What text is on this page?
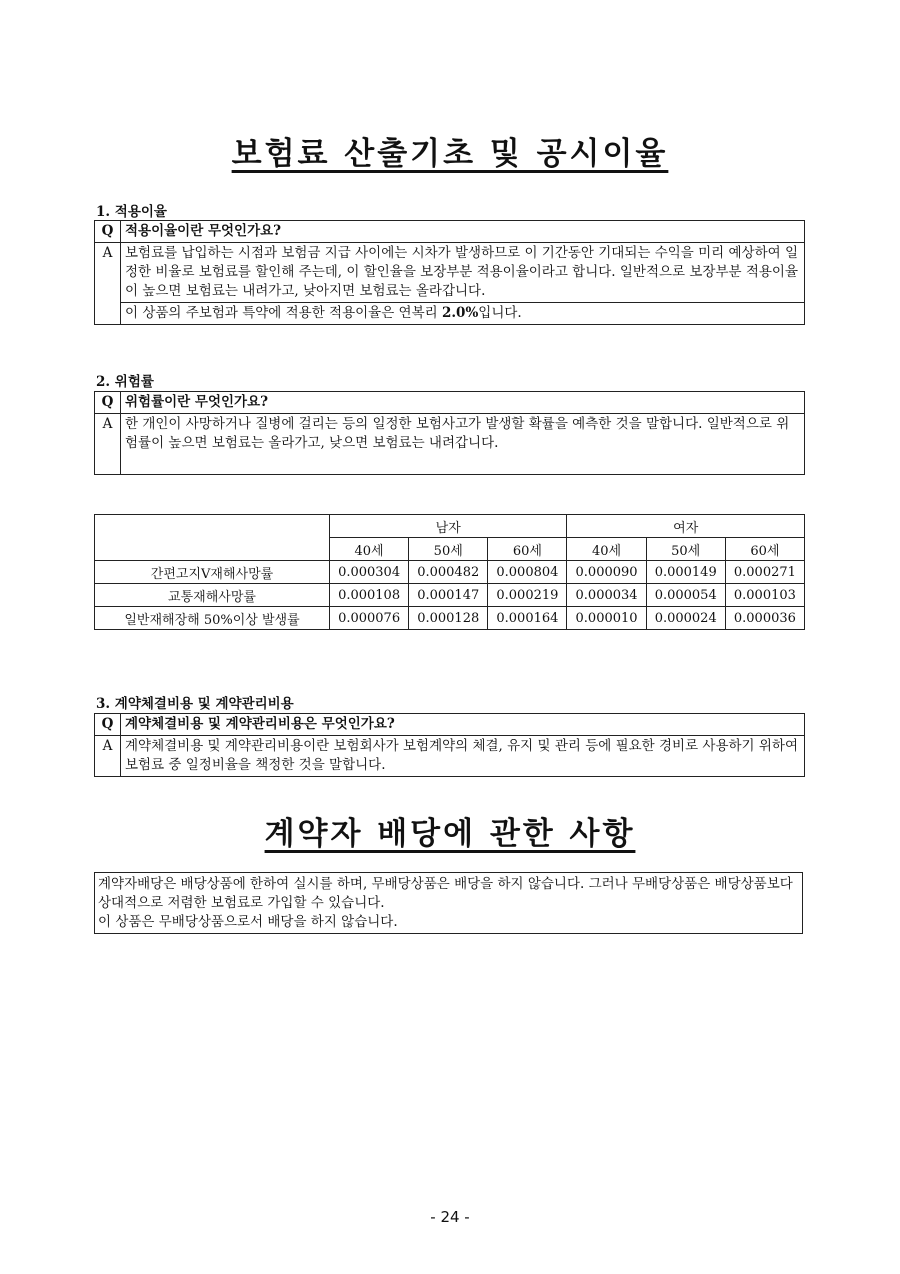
보험료 산출기초 및 공시이율
1. 적용이율
Q	적용이율이란 무엇인가요?
A	보험료를 납입하는 시점과 보험금 지급 사이에는 시차가 발생하므로 이 기간동안 기대되는 수익을 미리 예상하여 일정한 비율로 보험료를 할인해 주는데, 이 할인율을 보장부분 적용이율이라고 합니다. 일반적으로 보장부분 적용이율이 높으면 보험료는 내려가고, 낮아지면 보험료는 올라갑니다.
	이 상품의 주보험과 특약에 적용한 적용이율은 연복리 2.0%입니다.
2. 위험률
Q	위험률이란 무엇인가요?
A	한 개인이 사망하거나 질병에 걸리는 등의 일정한 보험사고가 발생할 확률을 예측한 것을 말합니다. 일반적으로 위험률이 높으면 보험료는 올라가고, 낮으면 보험료는 내려갑니다.
	남자			여자		
	40세	50세	60세	40세	50세	60세
간편고지Ⅴ재해사망률	0.000304	0.000482	0.000804	0.000090	0.000149	0.000271
교통재해사망률	0.000108	0.000147	0.000219	0.000034	0.000054	0.000103
일반재해장해 50%이상 발생률	0.000076	0.000128	0.000164	0.000010	0.000024	0.000036
3. 계약체결비용 및 계약관리비용
Q	계약체결비용 및 계약관리비용은 무엇인가요?
A	계약체결비용 및 계약관리비용이란 보험회사가 보험계약의 체결, 유지 및 관리 등에 필요한 경비로 사용하기 위하여 보험료 중 일정비율을 책정한 것을 말합니다.
계약자 배당에 관한 사항
계약자배당은 배당상품에 한하여 실시를 하며, 무배당상품은 배당을 하지 않습니다. 그러나 무배당상품은 배당상품보다 상대적으로 저렴한 보험료로 가입할 수 있습니다.
이 상품은 무배당상품으로서 배당을 하지 않습니다.
- 24 -
